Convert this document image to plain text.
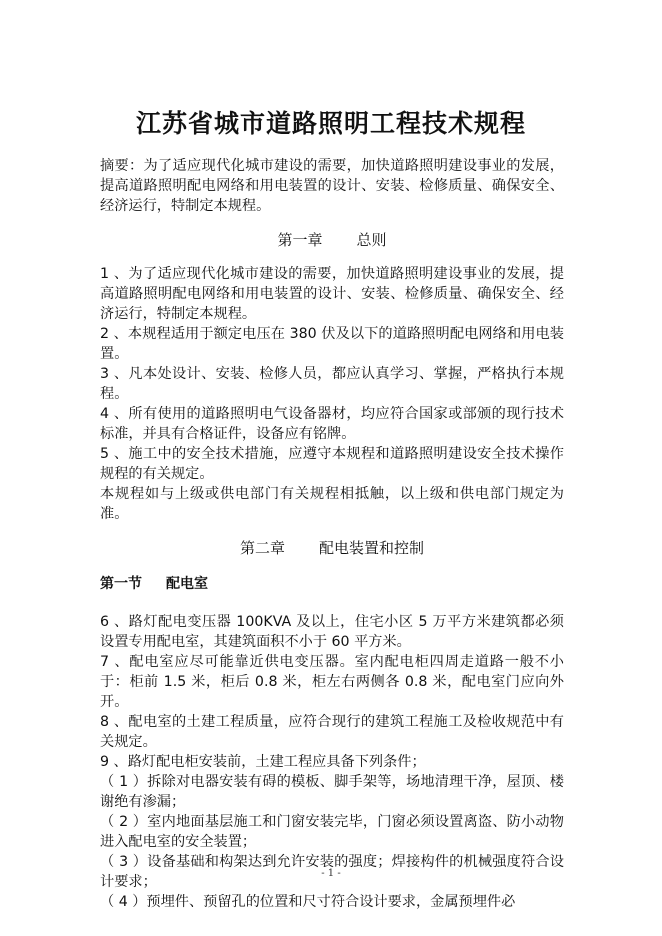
江苏省城市道路照明工程技术规程

摘要：为了适应现代化城市建设的需要，加快道路照明建设事业的发展，提高道路照明配电网络和用电装置的设计、安装、检修质量、确保安全、经济运行，特制定本规程。

第一章 总则

1 、为了适应现代化城市建设的需要，加快道路照明建设事业的发展，提高道路照明配电网络和用电装置的设计、安装、检修质量、确保安全、经济运行，特制定本规程。

2 、本规程适用于额定电压在 380 伏及以下的道路照明配电网络和用电装置。

3 、凡本处设计、安装、检修人员，都应认真学习、掌握，严格执行本规程。

4 、所有使用的道路照明电气设备器材，均应符合国家或部颁的现行技术标准，并具有合格证件，设备应有铭牌。

5 、施工中的安全技术措施，应遵守本规程和道路照明建设安全技术操作规程的有关规定。

本规程如与上级或供电部门有关规程相抵触，以上级和供电部门规定为准。

第二章 配电装置和控制
第一节 配电室

6 、路灯配电变压器 100KVA 及以上，住宅小区 5 万平方米建筑都必须设置专用配电室，其建筑面积不小于 60 平方米。

7 、配电室应尽可能靠近供电变压器。室内配电柜四周走道路一般不小于：柜前 1.5 米，柜后 0.8 米，柜左右两侧各 0.8 米，配电室门应向外开。

8 、配电室的土建工程质量，应符合现行的建筑工程施工及检收规范中有关规定。

9 、路灯配电柜安装前，土建工程应具备下列条件；

（ 1 ）拆除对电器安装有碍的模板、脚手架等，场地清理干净，屋顶、楼谢绝有渗漏；

（ 2 ）室内地面基层施工和门窗安装完毕，门窗必须设置离盗、防小动物进入配电室的安全装置；

（ 3 ）设备基础和构架达到允许安装的强度；焊接构件的机械强度符合设计要求；

（ 4 ）预埋件、预留孔的位置和尺寸符合设计要求，金属预埋件必

- 1 -
